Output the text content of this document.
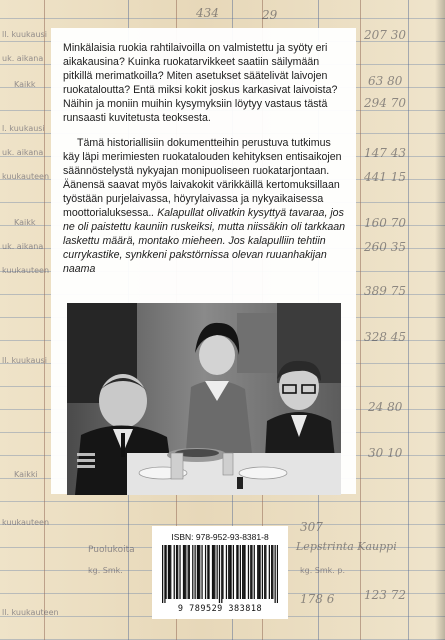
ll. kuukausi
uk. aikana
Kaikk
l. kuukausi
uk. aikana
kuukauteen
Kaikk
uk. aikana
kuukauteen
ll. kuukausi
Kaikki
kuukauteen
ll. kuukauteen
Puolukoita
kg. Smk.	kg. Smk. p.
434	29
178 6
207 30
63 80
294 70
147 43
441 15
160 70
260 35
389 75
328 45
24 80
30 10
307
123 72
Lepstrinta Kauppi

Minkälaisia ruokia rahtilaivoilla on valmistettu ja syöty eri aikakausina? Kuinka ruokatarvikkeet saatiin säilymään pitkillä merimatkoilla? Miten asetukset säätelivät laivojen ruokataloutta? Entä miksi kokit joskus karkasivat laivoista? Näihin ja moniin muihin kysymyksiin löytyy vastaus tästä runsaasti kuvitetusta teoksesta.

Tämä historiallisiin dokumentteihin perustuva tutkimus käy läpi merimiesten ruokatalouden kehityksen entisaikojen säännöstelystä nykyajan monipuoliseen ruokatarjontaan. Äänensä saavat myös laivakokit värikkäillä kertomuksillaan työstään purjelaivassa, höyrylaivassa ja nykyaikaisessa moottorialuksessa.. Kalapullat olivatkin kysyttyä tavaraa, jos ne oli paistettu kauniin ruskeiksi, mutta niissäkin oli tarkkaan laskettu määrä, montako mieheen. Jos kalapulliin tehtiin currykastike, synkkeni pakstörnissa olevan ruuanhakijan naama

ISBN: 978-952-93-8381-8
9 789529 383818
